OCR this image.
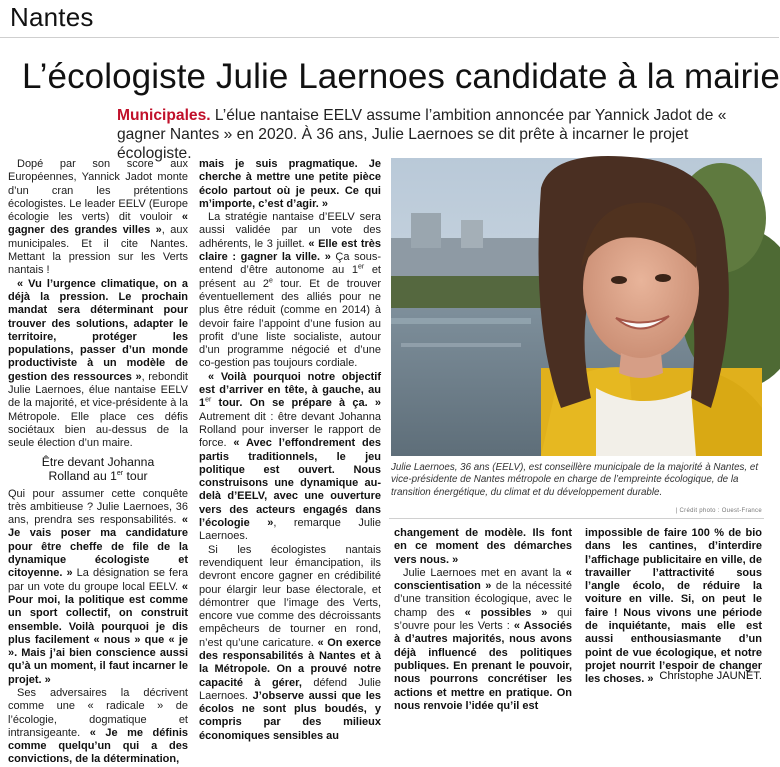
Nantes
L’écologiste Julie Laernoes candidate à la mairie
Municipales. L’élue nantaise EELV assume l’ambition annoncée par Yannick Jadot de « gagner Nantes » en 2020. À 36 ans, Julie Laernoes se dit prête à incarner le projet écologiste.

Dopé par son score aux Européennes, Yannick Jadot monte d’un cran les prétentions écologistes. Le leader EELV (Europe écologie les verts) dit vouloir « gagner des grandes villes », aux municipales. Et il cite Nantes. Mettant la pression sur les Verts nantais !

« Vu l’urgence climatique, on a déjà la pression. Le prochain mandat sera déterminant pour trouver des solutions, adapter le territoire, protéger les populations, passer d’un monde productiviste à un modèle de gestion des ressources », rebondit Julie Laernoes, élue nantaise EELV de la majorité, et vice-présidente à la Métropole. Elle place ces défis sociétaux bien au-dessus de la seule élection d’un maire.

Être devant Johanna
Rolland au 1er tour

Qui pour assumer cette conquête très ambitieuse ? Julie Laernoes, 36 ans, prendra ses responsabilités. « Je vais poser ma candidature pour être cheffe de file de la dynamique écologiste et citoyenne. » La désignation se fera par un vote du groupe local EELV. « Pour moi, la politique est comme un sport collectif, on construit ensemble. Voilà pourquoi je dis plus facilement « nous » que « je ». Mais j’ai bien conscience aussi qu’à un moment, il faut incarner le projet. »

Ses adversaires la décrivent comme une « radicale » de l’écologie, dogmatique et intransigeante. « Je me définis comme quelqu’un qui a des convictions, de la détermination,

mais je suis pragmatique. Je cherche à mettre une petite pièce écolo partout où je peux. Ce qui m’importe, c’est d’agir. »

La stratégie nantaise d’EELV sera aussi validée par un vote des adhérents, le 3 juillet. « Elle est très claire : gagner la ville. » Ça sous-entend d’être autonome au 1er et présent au 2e tour. Et de trouver éventuellement des alliés pour ne plus être réduit (comme en 2014) à devoir faire l’appoint d’une fusion au profit d’une liste socialiste, autour d’un programme négocié et d’une co-gestion pas toujours cordiale.

« Voilà pourquoi notre objectif est d’arriver en tête, à gauche, au 1er tour. On se prépare à ça. » Autrement dit : être devant Johanna Rolland pour inverser le rapport de force. « Avec l’effondrement des partis traditionnels, le jeu politique est ouvert. Nous construisons une dynamique au-delà d’EELV, avec une ouverture vers des acteurs engagés dans l’écologie », remarque Julie Laernoes.

Si les écologistes nantais revendiquent leur émancipation, ils devront encore gagner en crédibilité pour élargir leur base électorale, et démontrer que l’image des Verts, encore vue comme des décroissants empêcheurs de tourner en rond, n’est qu’une caricature. « On exerce des responsabilités à Nantes et à la Métropole. On a prouvé notre capacité à gérer, défend Julie Laernoes. J’observe aussi que les écolos ne sont plus boudés, y compris par des milieux économiques sensibles au

Julie Laernoes, 36 ans (EELV), est conseillère municipale de la majorité à Nantes, et vice-présidente de Nantes métropole en charge de l’empreinte écologique, de la transition énergétique, du climat et du développement durable.
| Crédit photo : Ouest-France

changement de modèle. Ils font en ce moment des démarches vers nous. »

Julie Laernoes met en avant la « conscientisation » de la nécessité d’une transition écologique, avec le champ des « possibles » qui s’ouvre pour les Verts : « Associés à d’autres majorités, nous avons déjà influencé des politiques publiques. En prenant le pouvoir, nous pourrons concrétiser les actions et mettre en pratique. On nous renvoie l’idée qu’il est

impossible de faire 100 % de bio dans les cantines, d’interdire l’affichage publicitaire en ville, de travailler l’attractivité sous l’angle écolo, de réduire la voiture en ville. Si, on peut le faire ! Nous vivons une période de inquiétante, mais elle est aussi enthousiasmante d’un point de vue écologique, et notre projet nourrit l’espoir de changer les choses. » Christophe JAUNET.
